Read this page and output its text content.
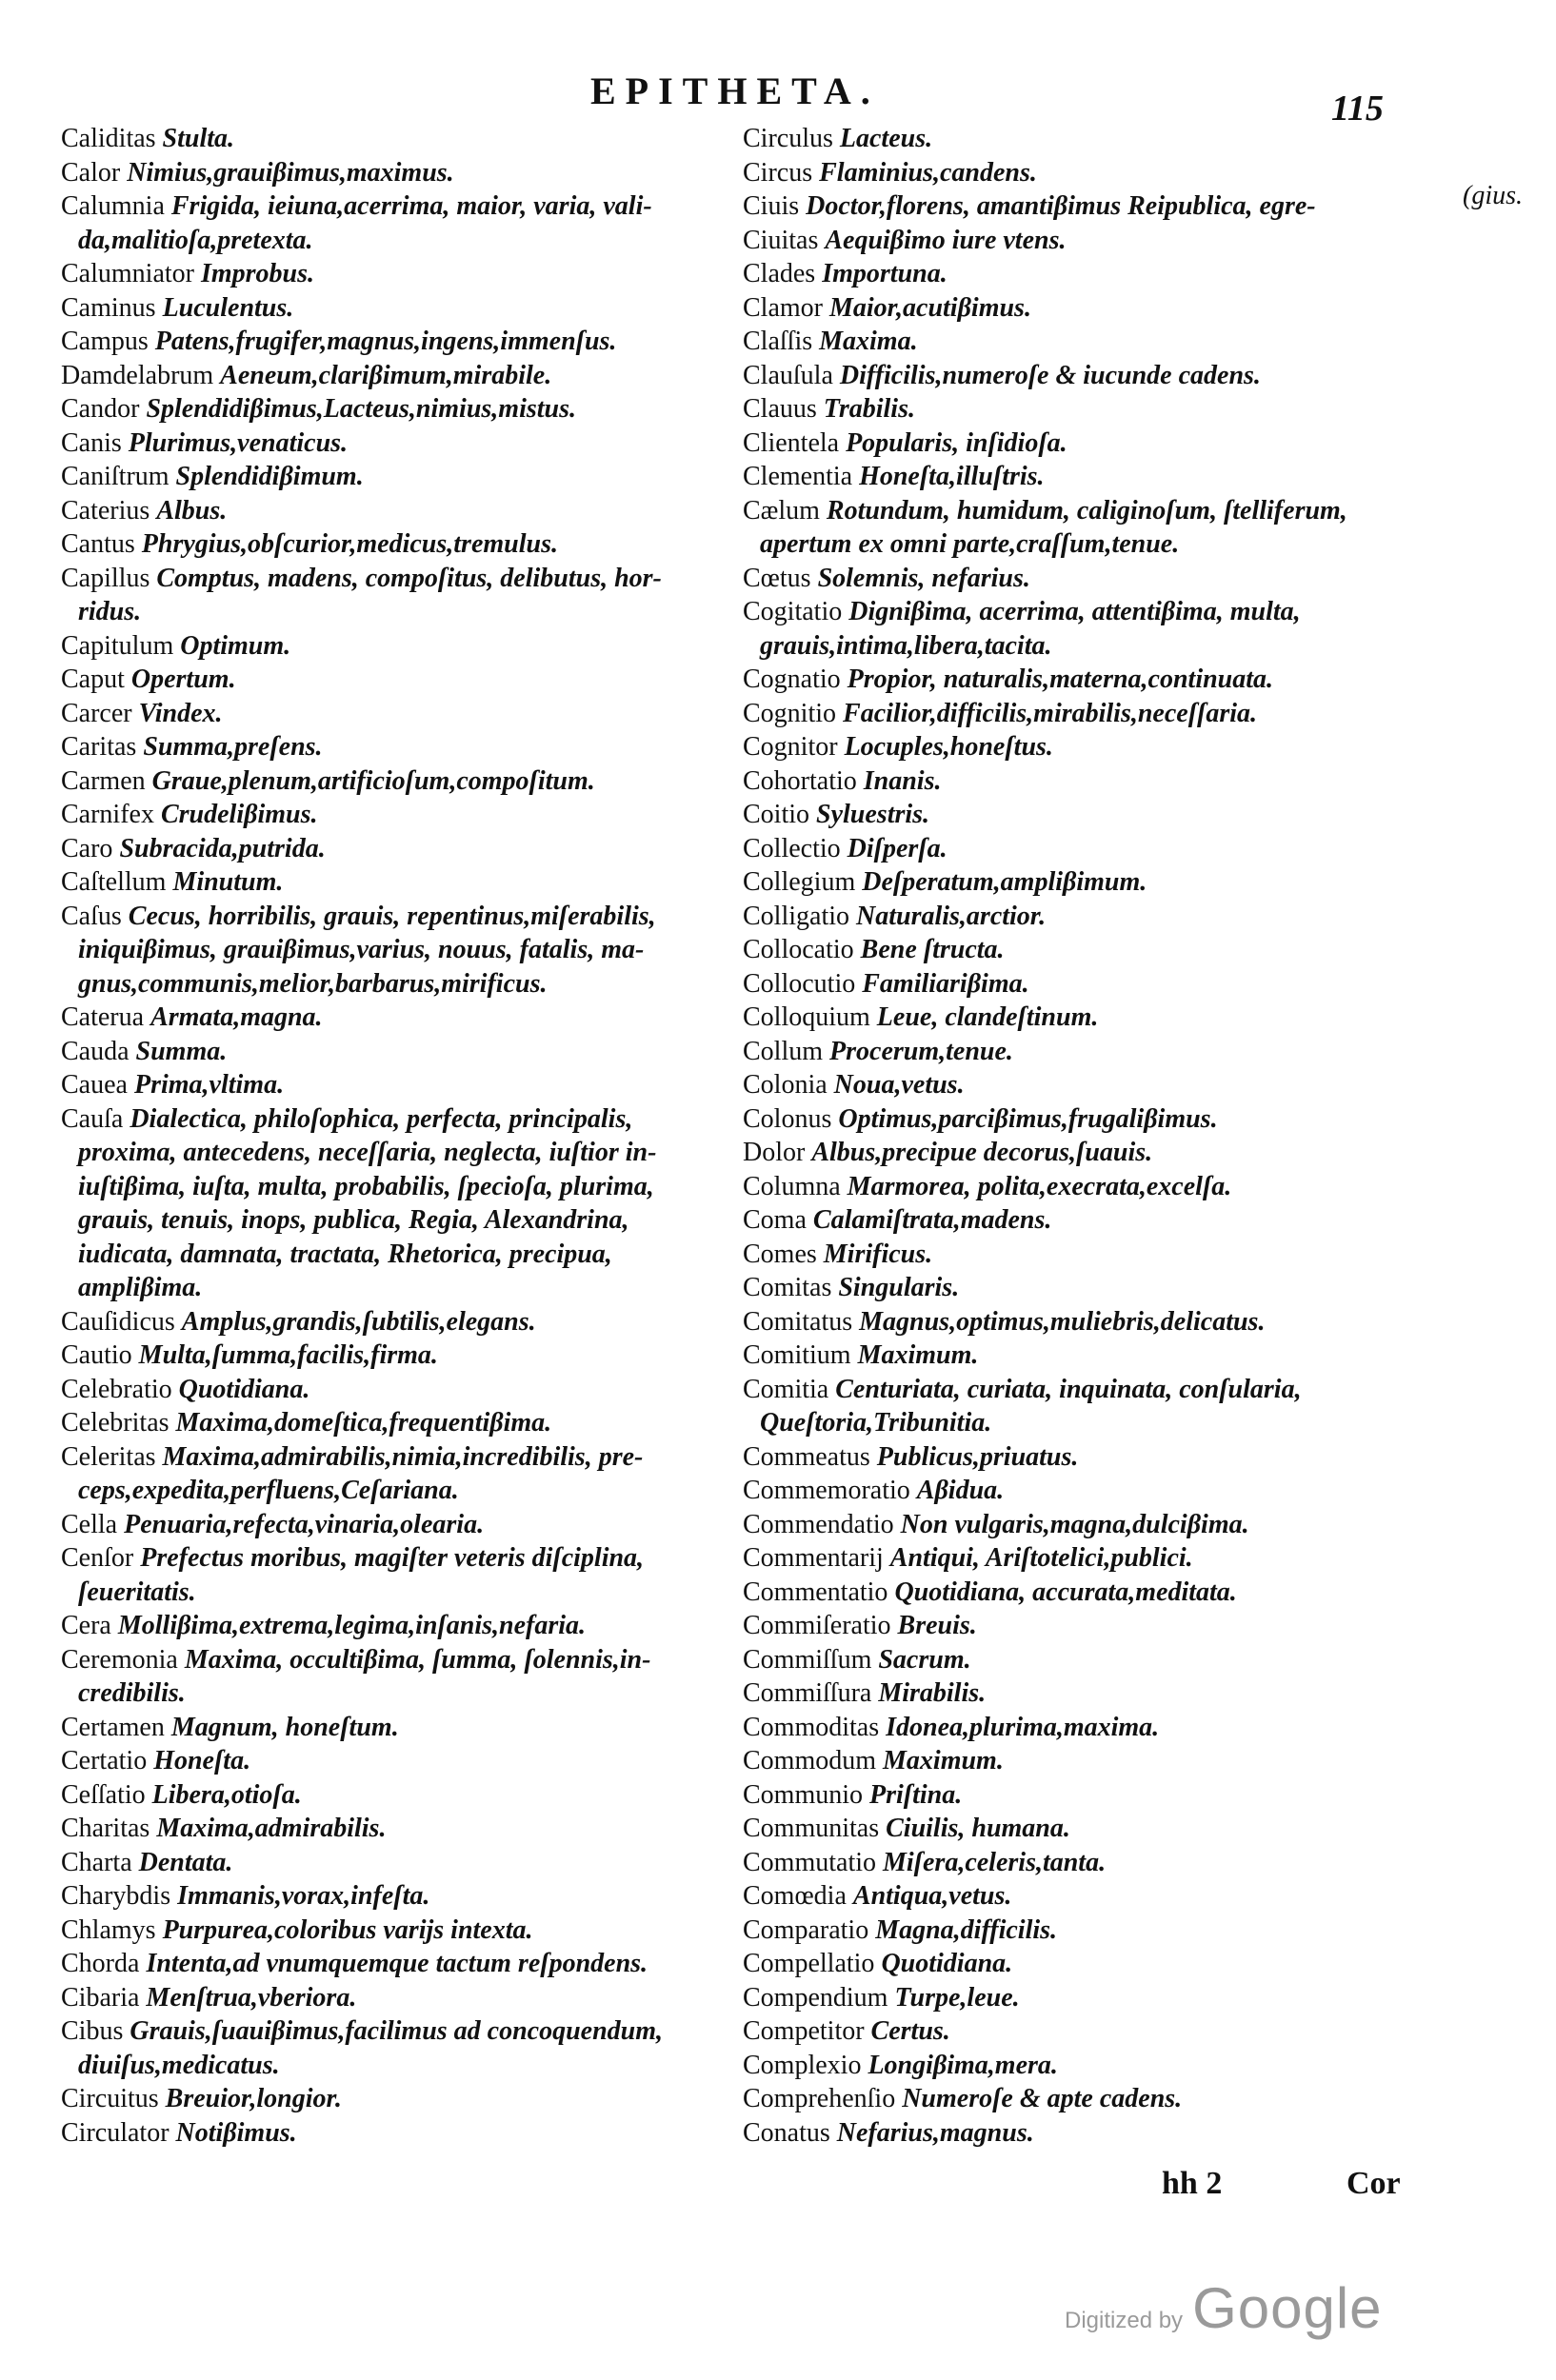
EPITHETA.	115
(gius.
Caliditas Stulta.
Calor Nimius,grauiβimus,maximus.
Calumnia Frigida, ieiuna,acerrima, maior, varia, vali-
da,malitioſa,pretexta.
Calumniator Improbus.
Caminus Luculentus.
Campus Patens,frugifer,magnus,ingens,immenſus.
Damdelabrum Aeneum,clariβimum,mirabile.
Candor Splendidiβimus,Lacteus,nimius,mistus.
Canis Plurimus,venaticus.
Caniſtrum Splendidiβimum.
Caterius Albus.
Cantus Phrygius,obſcurior,medicus,tremulus.
Capillus Comptus, madens, compoſitus, delibutus, hor-
ridus.
Capitulum Optimum.
Caput Opertum.
Carcer Vindex.
Caritas Summa,preſens.
Carmen Graue,plenum,artificioſum,compoſitum.
Carnifex Crudeliβimus.
Caro Subracida,putrida.
Caſtellum Minutum.
Caſus Cecus, horribilis, grauis, repentinus,miſerabilis,
iniquiβimus, grauiβimus,varius, nouus, fatalis, ma-
gnus,communis,melior,barbarus,mirificus.
Caterua Armata,magna.
Cauda Summa.
Cauea Prima,vltima.
Cauſa Dialectica, philoſophica, perfecta, principalis,
proxima, antecedens, neceſſaria, neglecta, iuſtior in-
iuſtiβima, iuſta, multa, probabilis, ſpecioſa, plurima,
grauis, tenuis, inops, publica, Regia, Alexandrina,
iudicata, damnata, tractata, Rhetorica, precipua,
ampliβima.
Cauſidicus Amplus,grandis,ſubtilis,elegans.
Cautio Multa,ſumma,facilis,firma.
Celebratio Quotidiana.
Celebritas Maxima,domeſtica,frequentiβima.
Celeritas Maxima,admirabilis,nimia,incredibilis, pre-
ceps,expedita,perfluens,Ceſariana.
Cella Penuaria,refecta,vinaria,olearia.
Cenſor Prefectus moribus, magiſter veteris diſciplina,
ſeueritatis.
Cera Molliβima,extrema,legima,inſanis,nefaria.
Ceremonia Maxima, occultiβima, ſumma, ſolennis,in-
credibilis.
Certamen Magnum, honeſtum.
Certatio Honeſta.
Ceſſatio Libera,otioſa.
Charitas Maxima,admirabilis.
Charta Dentata.
Charybdis Immanis,vorax,infeſta.
Chlamys Purpurea,coloribus varijs intexta.
Chorda Intenta,ad vnumquemque tactum reſpondens.
Cibaria Menſtrua,vberiora.
Cibus Grauis,ſuauiβimus,facilimus ad concoquendum,
diuiſus,medicatus.
Circuitus Breuior,longior.
Circulator Notiβimus.
Circulus Lacteus.
Circus Flaminius,candens.
Ciuis Doctor,florens, amantiβimus Reipublica, egre-
Ciuitas Aequiβimo iure vtens.
Clades Importuna.
Clamor Maior,acutiβimus.
Claſſis Maxima.
Clauſula Difficilis,numeroſe & iucunde cadens.
Clauus Trabilis.
Clientela Popularis, inſidioſa.
Clementia Honeſta,illuſtris.
Cælum Rotundum, humidum, caliginoſum, ſtelliferum,
apertum ex omni parte,craſſum,tenue.
Cœtus Solemnis, nefarius.
Cogitatio Digniβima, acerrima, attentiβima, multa,
grauis,intima,libera,tacita.
Cognatio Propior, naturalis,materna,continuata.
Cognitio Facilior,difficilis,mirabilis,neceſſaria.
Cognitor Locuples,honeſtus.
Cohortatio Inanis.
Coitio Syluestris.
Collectio Diſperſa.
Collegium Deſperatum,ampliβimum.
Colligatio Naturalis,arctior.
Collocatio Bene ſtructa.
Collocutio Familiariβima.
Colloquium Leue, clandeſtinum.
Collum Procerum,tenue.
Colonia Noua,vetus.
Colonus Optimus,parciβimus,frugaliβimus.
Dolor Albus,precipue decorus,ſuauis.
Columna Marmorea, polita,execrata,excelſa.
Coma Calamiſtrata,madens.
Comes Mirificus.
Comitas Singularis.
Comitatus Magnus,optimus,muliebris,delicatus.
Comitium Maximum.
Comitia Centuriata, curiata, inquinata, conſularia,
Queſtoria,Tribunitia.
Commeatus Publicus,priuatus.
Commemoratio Aβidua.
Commendatio Non vulgaris,magna,dulciβima.
Commentarij Antiqui, Ariſtotelici,publici.
Commentatio Quotidiana, accurata,meditata.
Commiſeratio Breuis.
Commiſſum Sacrum.
Commiſſura Mirabilis.
Commoditas Idonea,plurima,maxima.
Commodum Maximum.
Communio Priſtina.
Communitas Ciuilis, humana.
Commutatio Miſera,celeris,tanta.
Comœdia Antiqua,vetus.
Comparatio Magna,difficilis.
Compellatio Quotidiana.
Compendium Turpe,leue.
Competitor Certus.
Complexio Longiβima,mera.
Comprehenſio Numeroſe & apte cadens.
Conatus Nefarius,magnus.
hh 2	Cor
Digitized by Google
